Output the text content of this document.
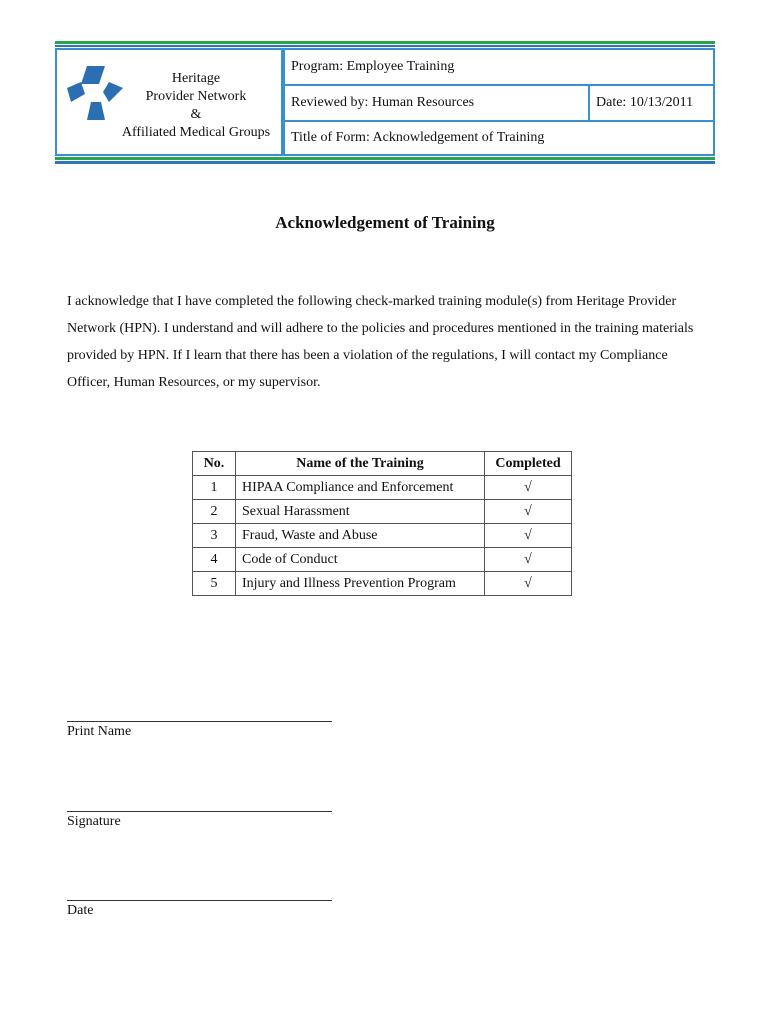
Heritage
Provider Network
&
Affiliated Medical Groups
Program: Employee Training
Reviewed by: Human Resources	Date: 10/13/2011
Title of Form: Acknowledgement of Training
Acknowledgement of Training
I acknowledge that I have completed the following check-marked training module(s) from Heritage Provider Network (HPN). I understand and will adhere to the policies and procedures mentioned in the training materials provided by HPN. If I learn that there has been a violation of the regulations, I will contact my Compliance Officer, Human Resources, or my supervisor.
No.	Name of the Training	Completed
1	HIPAA Compliance and Enforcement	√
2	Sexual Harassment	√
3	Fraud, Waste and Abuse	√
4	Code of Conduct	√
5	Injury and Illness Prevention Program	√
Print Name
Signature
Date
